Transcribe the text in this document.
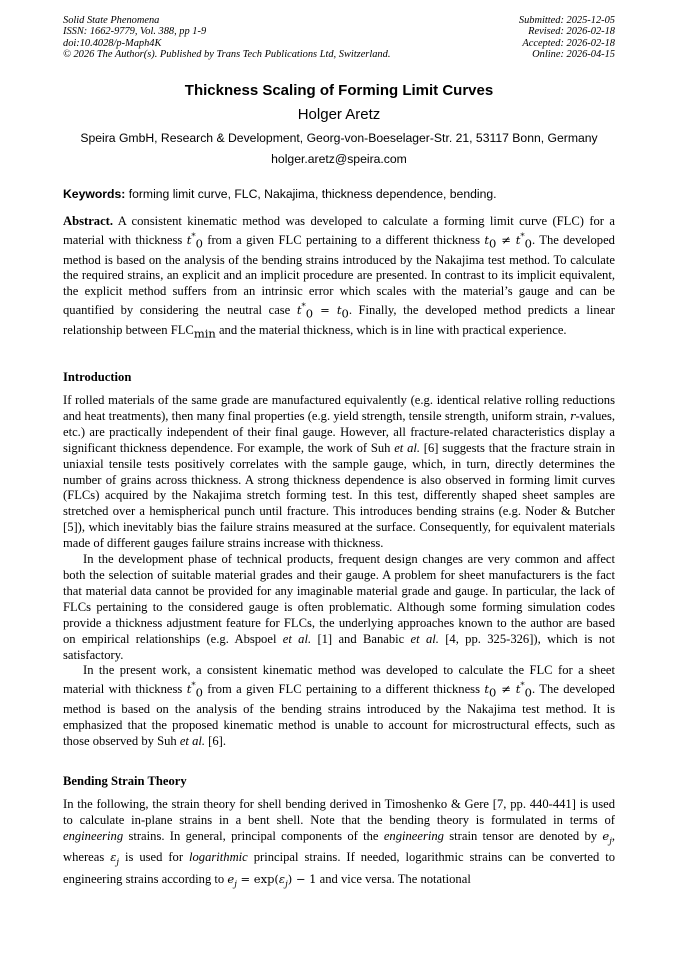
Solid State Phenomena
ISSN: 1662-9779, Vol. 388, pp 1-9
doi:10.4028/p-Maph4K
© 2026 The Author(s). Published by Trans Tech Publications Ltd, Switzerland.
Submitted: 2025-12-05
Revised: 2026-02-18
Accepted: 2026-02-18
Online: 2026-04-15
Thickness Scaling of Forming Limit Curves
Holger Aretz
Speira GmbH, Research & Development, Georg-von-Boeselager-Str. 21, 53117 Bonn, Germany
holger.aretz@speira.com
Keywords: forming limit curve, FLC, Nakajima, thickness dependence, bending.
Abstract. A consistent kinematic method was developed to calculate a forming limit curve (FLC) for a material with thickness $t^*_0$ from a given FLC pertaining to a different thickness $t_0 \ne t^*_0$. The developed method is based on the analysis of the bending strains introduced by the Nakajima test method. To calculate the required strains, an explicit and an implicit procedure are presented. In contrast to its implicit equivalent, the explicit method suffers from an intrinsic error which scales with the material’s gauge and can be quantified by considering the neutral case $t^*_0 = t_0$. Finally, the developed method predicts a linear relationship between $FLC_{min}$ and the material thickness, which is in line with practical experience.
Introduction

If rolled materials of the same grade are manufactured equivalently (e.g. identical relative rolling reductions and heat treatments), then many final properties (e.g. yield strength, tensile strength, uniform strain, r-values, etc.) are practically independent of their final gauge. However, all fracture-related characteristics display a significant thickness dependence. For example, the work of Suh et al. [6] suggests that the fracture strain in uniaxial tensile tests positively correlates with the sample gauge, which, in turn, directly determines the number of grains across thickness. A strong thickness dependence is also observed in forming limit curves (FLCs) acquired by the Nakajima stretch forming test. In this test, differently shaped sheet samples are stretched over a hemispherical punch until fracture. This introduces bending strains (e.g. Noder & Butcher [5]), which inevitably bias the failure strains measured at the surface. Consequently, for equivalent materials made of different gauges failure strains increase with thickness.

In the development phase of technical products, frequent design changes are very common and affect both the selection of suitable material grades and their gauge. A problem for sheet manufacturers is the fact that material data cannot be provided for any imaginable material grade and gauge. In particular, the lack of FLCs pertaining to the considered gauge is often problematic. Although some forming simulation codes provide a thickness adjustment feature for FLCs, the underlying approaches known to the author are based on empirical relationships (e.g. Abspoel et al. [1] and Banabic et al. [4, pp. 325-326]), which is not satisfactory.

In the present work, a consistent kinematic method was developed to calculate the FLC for a sheet material with thickness $t^*_0$ from a given FLC pertaining to a different thickness $t_0 \ne t^*_0$. The developed method is based on the analysis of the bending strains introduced by the Nakajima test method. It is emphasized that the proposed kinematic method is unable to account for microstructural effects, such as those observed by Suh et al. [6].

Bending Strain Theory

In the following, the strain theory for shell bending derived in Timoshenko & Gere [7, pp. 440-441] is used to calculate in-plane strains in a bent shell. Note that the bending theory is formulated in terms of engineering strains. In general, principal components of the engineering strain tensor are denoted by $e_j$, whereas $\varepsilon_j$ is used for logarithmic principal strains. If needed, logarithmic strains can be converted to engineering strains according to $e_j = \exp(\varepsilon_j) - 1$ and vice versa. The notational
